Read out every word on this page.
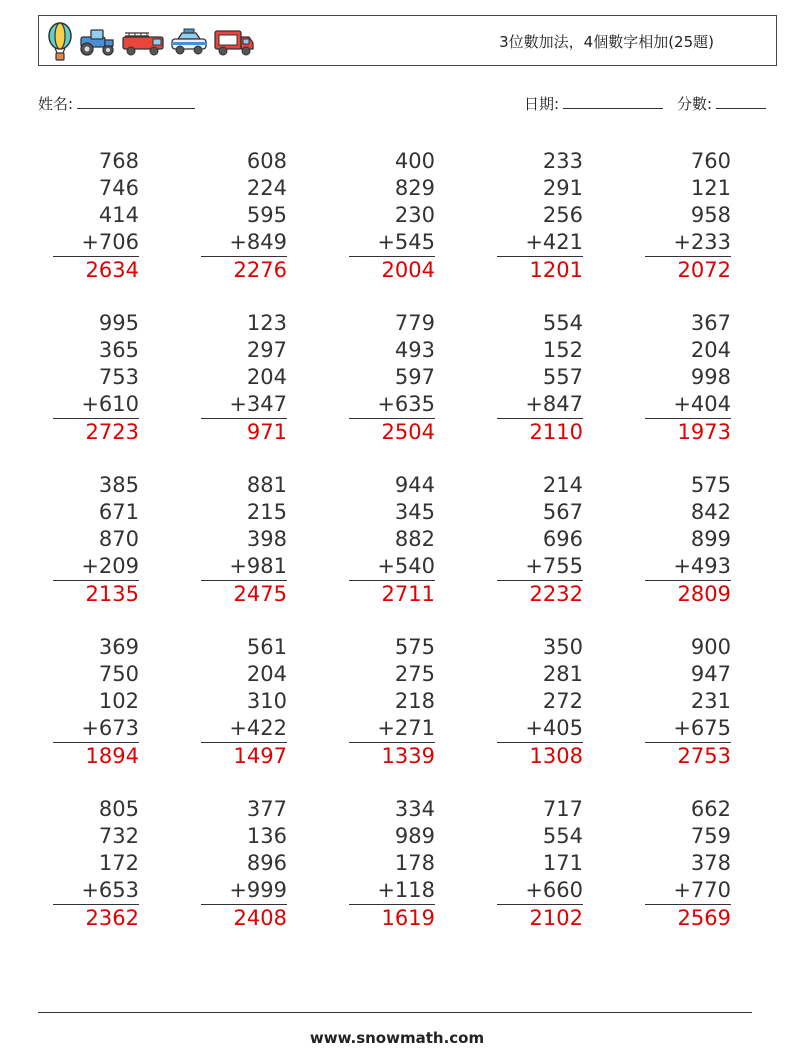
3位數加法，4個數字相加(25題)
姓名:	日期:	分數:
768
746
414
+706
2634
608
224
595
+849
2276
400
829
230
+545
2004
233
291
256
+421
1201
760
121
958
+233
2072
995
365
753
+610
2723
123
297
204
+347
971
779
493
597
+635
2504
554
152
557
+847
2110
367
204
998
+404
1973
385
671
870
+209
2135
881
215
398
+981
2475
944
345
882
+540
2711
214
567
696
+755
2232
575
842
899
+493
2809
369
750
102
+673
1894
561
204
310
+422
1497
575
275
218
+271
1339
350
281
272
+405
1308
900
947
231
+675
2753
805
732
172
+653
2362
377
136
896
+999
2408
334
989
178
+118
1619
717
554
171
+660
2102
662
759
378
+770
2569
www.snowmath.com
